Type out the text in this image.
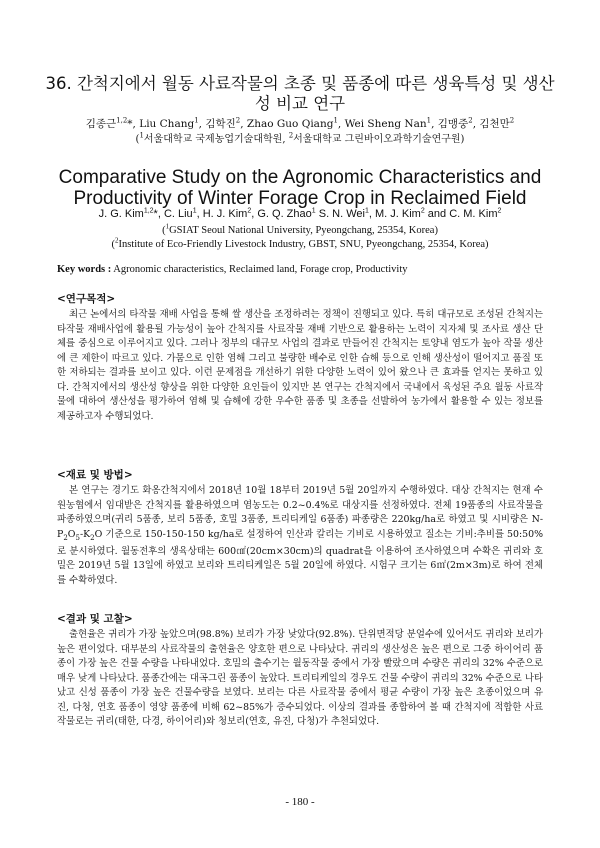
36. 간척지에서 월동 사료작물의 초종 및 품종에 따른 생육특성 및 생산성 비교 연구
김종근$^{1,2}$*, Liu Chang$^1$, 김학진$^2$, Zhao Guo Qiang$^1$, Wei Sheng Nan$^1$, 김맹중$^2$, 김천만$^2$
($^1$서울대학교 국제농업기술대학원, $^2$서울대학교 그린바이오과학기술연구원)
Comparative Study on the Agronomic Characteristics and Productivity of Winter Forage Crop in Reclaimed Field
J. G. Kim$^{1,2}$*, C. Liu$^1$, H. J. Kim$^2$, G. Q. Zhao$^1$ S. N. Wei$^1$, M. J. Kim$^2$ and C. M. Kim$^2$
($^1$GSIAT Seoul National University, Pyeongchang, 25354, Korea)
($^2$Institute of Eco-Friendly Livestock Industry, GBST, SNU, Pyeongchang, 25354, Korea)
Key words : Agronomic characteristics, Reclaimed land, Forage crop, Productivity
<연구목적>

최근 논에서의 타작물 재배 사업을 통해 쌀 생산을 조정하려는 정책이 진행되고 있다. 특히 대규모로 조성된 간척지는 타작물 재배사업에 활용될 가능성이 높아 간척지를 사료작물 재배 기반으로 활용하는 노력이 지자체 및 조사료 생산 단체를 중심으로 이루어지고 있다. 그러나 정부의 대규모 사업의 결과로 만들어진 간척지는 토양내 염도가 높아 작물 생산에 큰 제한이 따르고 있다. 가뭄으로 인한 염해 그리고 불량한 배수로 인한 습해 등으로 인해 생산성이 떨어지고 품질 또한 저하되는 결과를 보이고 있다. 이런 문제점을 개선하기 위한 다양한 노력이 있어 왔으나 큰 효과를 얻지는 못하고 있다. 간척지에서의 생산성 향상을 위한 다양한 요인들이 있지만 본 연구는 간척지에서 국내에서 육성된 주요 월동 사료작물에 대하여 생산성을 평가하여 염해 및 습해에 강한 우수한 품종 및 초종을 선발하여 농가에서 활용할 수 있는 정보를 제공하고자 수행되었다.

<재료 및 방법>

본 연구는 경기도 화옹간척지에서 2018년 10월 18부터 2019년 5월 20일까지 수행하였다. 대상 간척지는 현재 수원농협에서 임대받은 간척지를 활용하였으며 염농도는 0.2~0.4%로 대상지를 선정하였다. 전체 19품종의 사료작물을 파종하였으며(귀리 5품종, 보리 5품종, 호밀 3품종, 트리티케일 6품종) 파종량은 220kg/ha로 하였고 및 시비량은 $N-P_2O_5-K_2O$ 기준으로 150-150-150 kg/ha로 설정하여 인산과 칼리는 기비로 시용하였고 질소는 기비:추비를 50:50%로 분시하였다. 월동전후의 생육상태는 600㎠(20cm×30cm)의 quadrat을 이용하여 조사하였으며 수확은 귀리와 호밀은 2019년 5월 13일에 하였고 보리와 트리티케일은 5월 20일에 하였다. 시험구 크기는 6㎡(2m×3m)로 하여 전체를 수확하였다.

<결과 및 고찰>

출현율은 귀리가 가장 높았으며(98.8%) 보리가 가장 낮았다(92.8%). 단위면적당 분얼수에 있어서도 귀리와 보리가 높은 편이었다. 대부분의 사료작물의 출현율은 양호한 편으로 나타났다. 귀리의 생산성은 높은 편으로 그중 하이어리 품종이 가장 높은 건물 수량을 나타내었다. 호밀의 출수기는 월동작물 중에서 가장 빨랐으며 수량은 귀리의 32% 수준으로 매우 낮게 나타났다. 품종간에는 대곡그린 품종이 높았다. 트리티케일의 경우도 건물 수량이 귀리의 32% 수준으로 나타났고 신성 품종이 가장 높은 건물수량을 보였다. 보리는 다른 사료작물 중에서 평균 수량이 가장 높은 초종이었으며 유진, 다청, 연호 품종이 영양 품종에 비해 62~85%가 증수되었다. 이상의 결과를 종합하여 볼 때 간척지에 적합한 사료작물로는 귀리(태한, 다경, 하이어리)와 청보리(연호, 유진, 다청)가 추천되었다.

- 180 -
